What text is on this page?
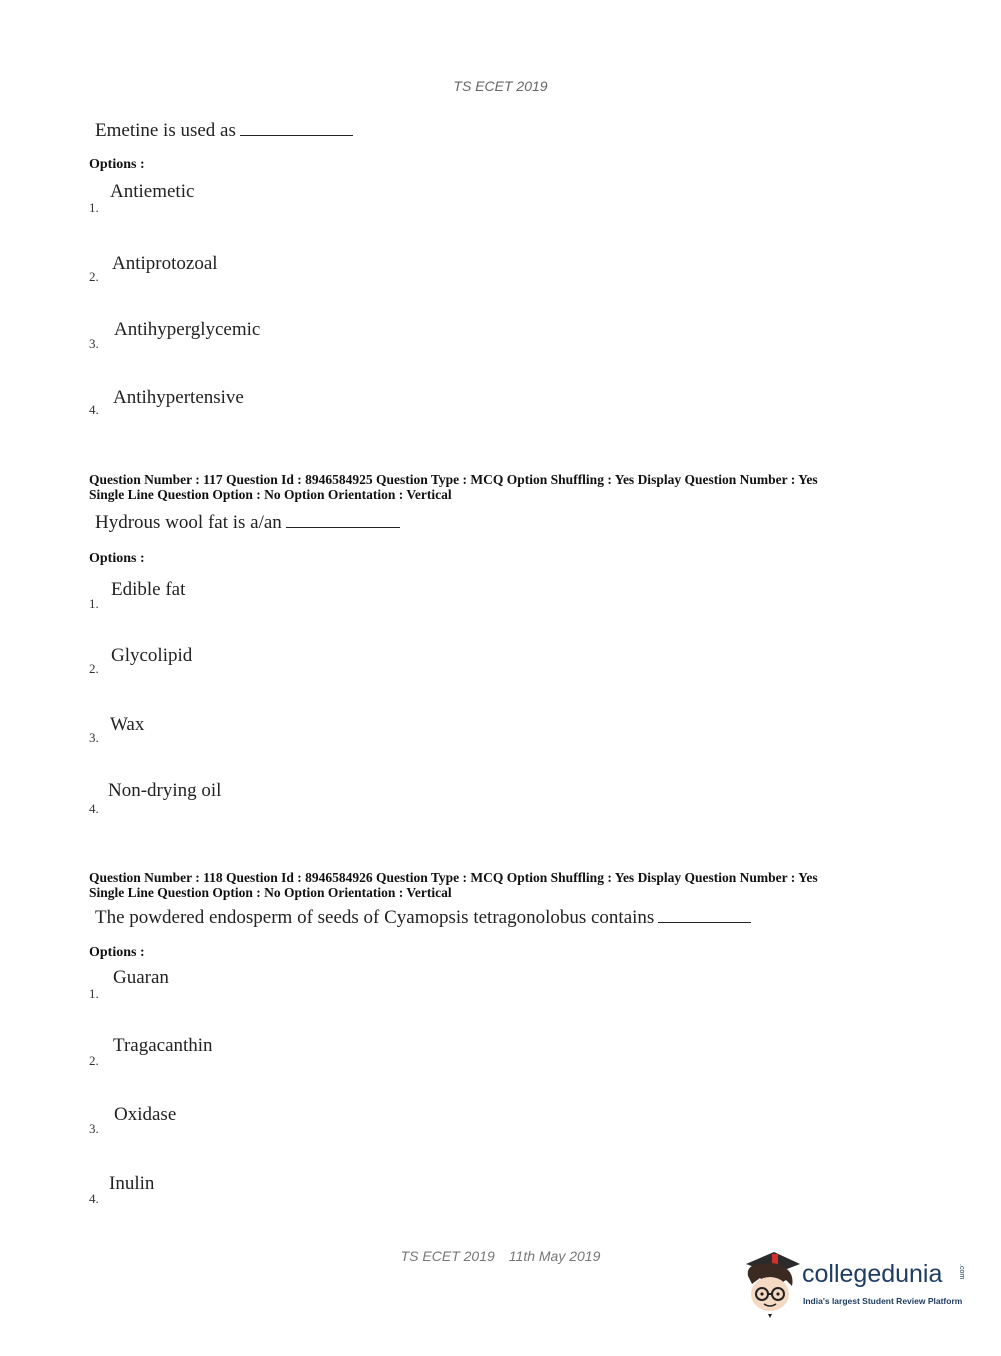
TS ECET 2019
Emetine is used as
Options :
1.
Antiemetic
2.
Antiprotozoal
3.
Antihyperglycemic
4.
Antihypertensive
Question Number : 117 Question Id : 8946584925 Question Type : MCQ Option Shuffling : Yes Display Question Number : Yes
Single Line Question Option : No Option Orientation : Vertical
Hydrous wool fat is a/an
Options :
1.
Edible fat
2.
Glycolipid
3.
Wax
4.
Non-drying oil
Question Number : 118 Question Id : 8946584926 Question Type : MCQ Option Shuffling : Yes Display Question Number : Yes
Single Line Question Option : No Option Orientation : Vertical
The powdered endosperm of seeds of Cyamopsis tetragonolobus contains
Options :
1.
Guaran
2.
Tragacanthin
3.
Oxidase
4.
Inulin
TS ECET 2019 11th May 2019
collegedunia .com
India's largest Student Review Platform
